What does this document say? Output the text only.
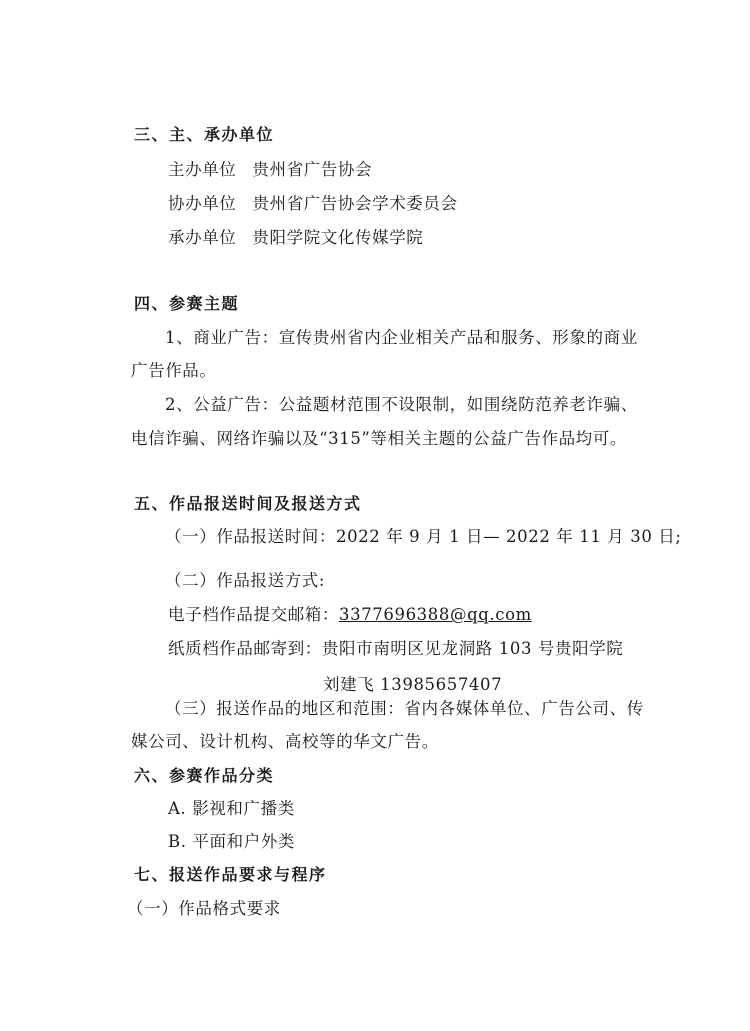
三、主、承办单位
主办单位 贵州省广告协会
协办单位 贵州省广告协会学术委员会
承办单位 贵阳学院文化传媒学院
四、参赛主题
1、商业广告：宣传贵州省内企业相关产品和服务、形象的商业
广告作品。
2、公益广告：公益题材范围不设限制，如围绕防范养老诈骗、
电信诈骗、网络诈骗以及“315”等相关主题的公益广告作品均可。
五、作品报送时间及报送方式
（一）作品报送时间：2022 年 9 月 1 日— 2022 年 11 月 30 日;
（二）作品报送方式:
电子档作品提交邮箱：3377696388@qq.com
纸质档作品邮寄到：贵阳市南明区见龙洞路 103 号贵阳学院
刘建飞 13985657407
（三）报送作品的地区和范围：省内各媒体单位、广告公司、传
媒公司、设计机构、高校等的华文广告。
六、参赛作品分类
A. 影视和广播类
B. 平面和户外类
七、报送作品要求与程序
（一）作品格式要求
